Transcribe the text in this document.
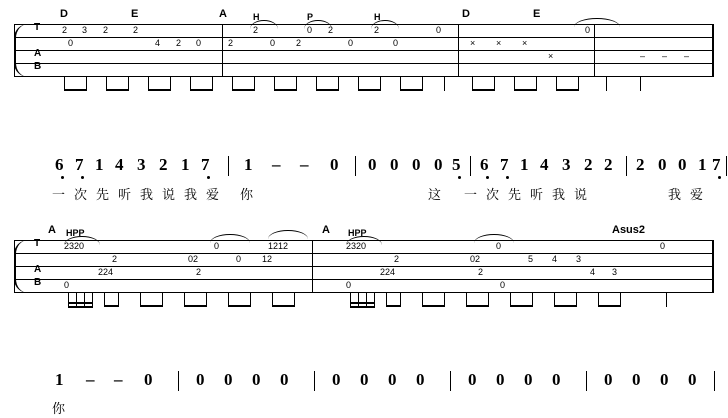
T
A
B
D	E	A	D	E
H	P	H
2 3 2
0
2
4 2 0	2
2
0 2
0 2
0
2
0
0
× × ×
×
0
– – –
T
A
B
A	A	Asus2
HPP	HPP
2320
2
224
0
02
2
0
0 12
1212	2320
2
224
0
02
2
0
5 4 3
4 3
0
0
6 7 1 4 3 2 1 7 1 – – 0 0 0 0 0 5 6 7 1 4 3 2 2 2 0 0 1 7
一 次 先 听 我 说 我 爱 你	这 一 次 先 听 我 说	我 爱
1 – – 0	0 0 0 0	0 0 0 0	0 0 0 0	0 0 0 0
你
